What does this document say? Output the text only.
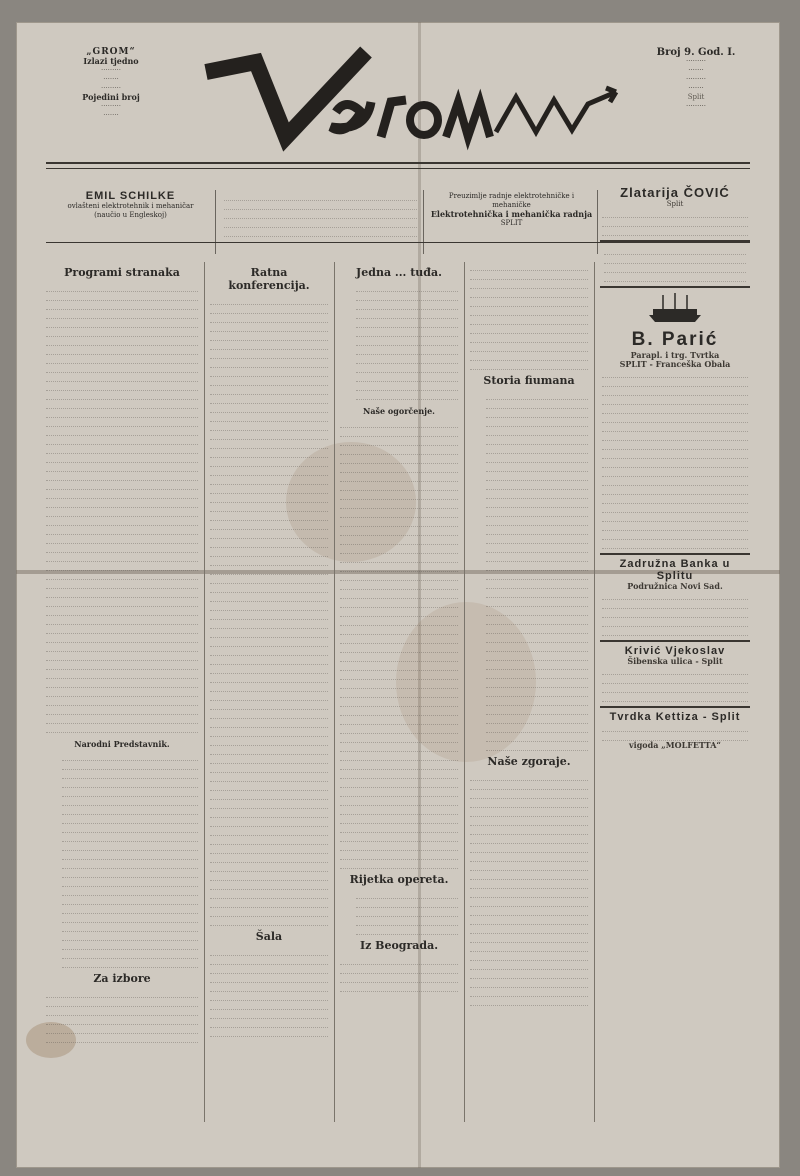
„GROM“
Izlazi tjedno
·········
·······
·········
Pojedini broj
·········
·······
Broj 9. God. I.
·········
·······
·········
·······
Split
·········
EMIL SCHILKE
ovlašteni elektrotehnik i mehaničar
(naučio u Engleskoj)
Preuzimlje radnje elektrotehničke i mehaničke
Elektrotehnička i mehanička radnja
SPLIT
Programi stranaka
Narodni Predstavnik.
Za izbore
Ratna konferencija.
Šala
Jedna ... tuđa.
Naše ogorčenje.
Rijetka opereta.
Iz Beograda.
Storia fiumana
Naše zgoraje.
Zlatarija ČOVIĆ
Split
B. Parić
Parapl. i trg. Tvrtka
SPLIT - Franceška Obala
Zadružna Banka u Splitu
Podružnica Novi Sad.
Krivić Vjekoslav
Šibenska ulica - Split
Tvrdka Kettiza - Split
vigoda „MOLFETTA“
